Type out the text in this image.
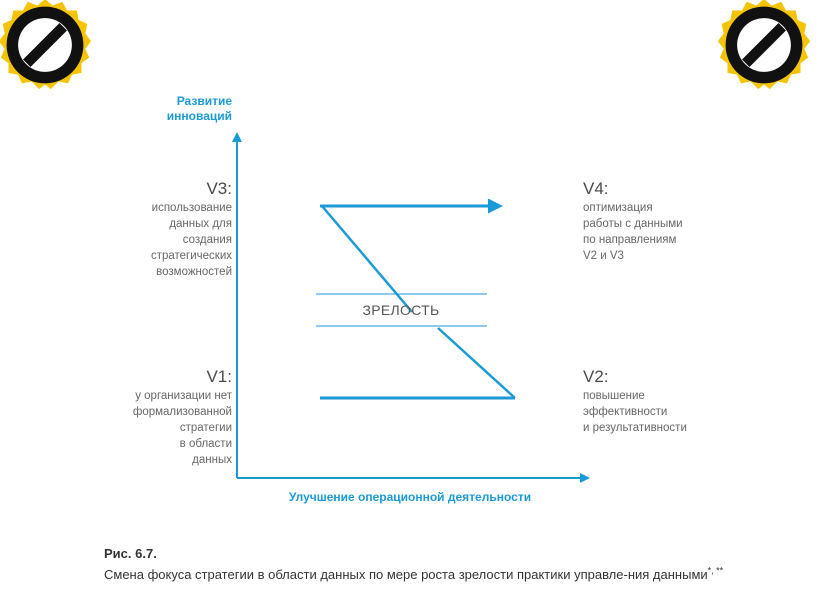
Развитие
инноваций
Улучшение операционной деятельности
ЗРЕЛОСТЬ
V3:
использование
данных для
создания
стратегических
возможностей
V1:
у организации нет
формализованной
стратегии
в области
данных
V4:
оптимизация
работы с данными
по направлениям
V2 и V3
V2:
повышение
эффективности
и результативности
Рис. 6.7.
Смена фокуса стратегии в области данных по мере роста зрелости практики управле-ния данными*, **
